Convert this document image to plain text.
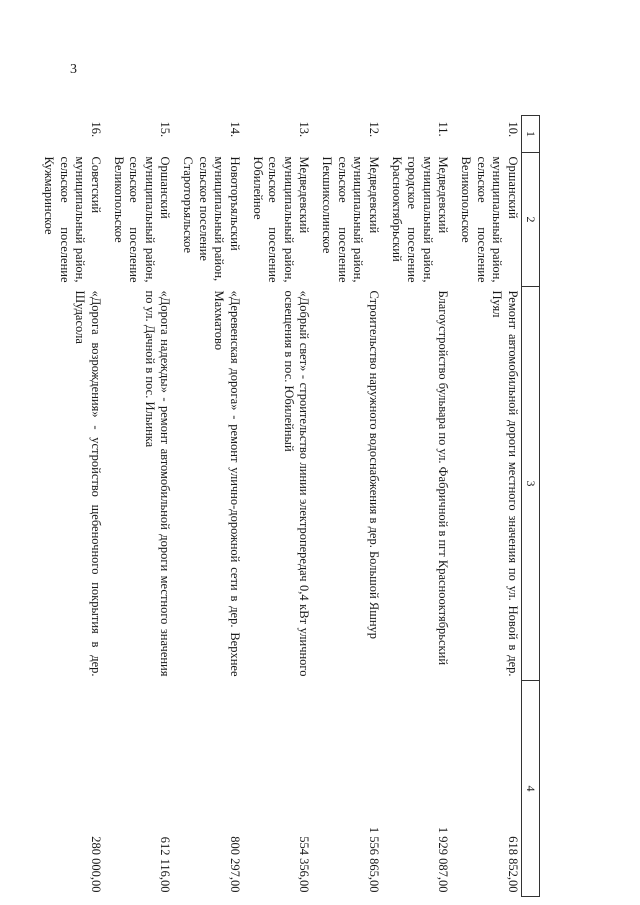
3
1	2	3	4
10.	Оршанский муниципальный район, сельское поселение Великопольское	Ремонт автомобильной дороги местного значения по ул. Новой в дер. Пуял	618 852,00
11.	Медведевский муниципальный район, городское поселение Краснооктябрьский	Благоустройство бульвара по ул. Фабричной в пгт Краснооктябрьский	1 929 087,00
12.	Медведевский муниципальный район, сельское поселение Пекшиксолинское	Строительство наружного водоснабжения в дер. Большой Яшнур	1 556 865,00
13.	Медведевский муниципальный район, сельское поселение Юбилейное	«Добрый свет» - строительство линии электропередач 0,4 кВт уличного освещения в пос. Юбилейный	554 356,00
14.	Новоторъяльский муниципальный район, сельское поселение Староторъяльское	«Деревенская дорога» - ремонт улично-дорожной сети в дер. Верхнее Махматово	800 297,00
15.	Оршанский муниципальный район, сельское поселение Великопольское	«Дорога надежды» - ремонт автомобильной дороги местного значения по ул. Дачной в пос. Ильинка	612 116,00
16.	Советский муниципальный район, сельское поселение Кужмаринское	«Дорога возрождения» - устройство щебеночного покрытия в дер. Шудасола	280 000,00
